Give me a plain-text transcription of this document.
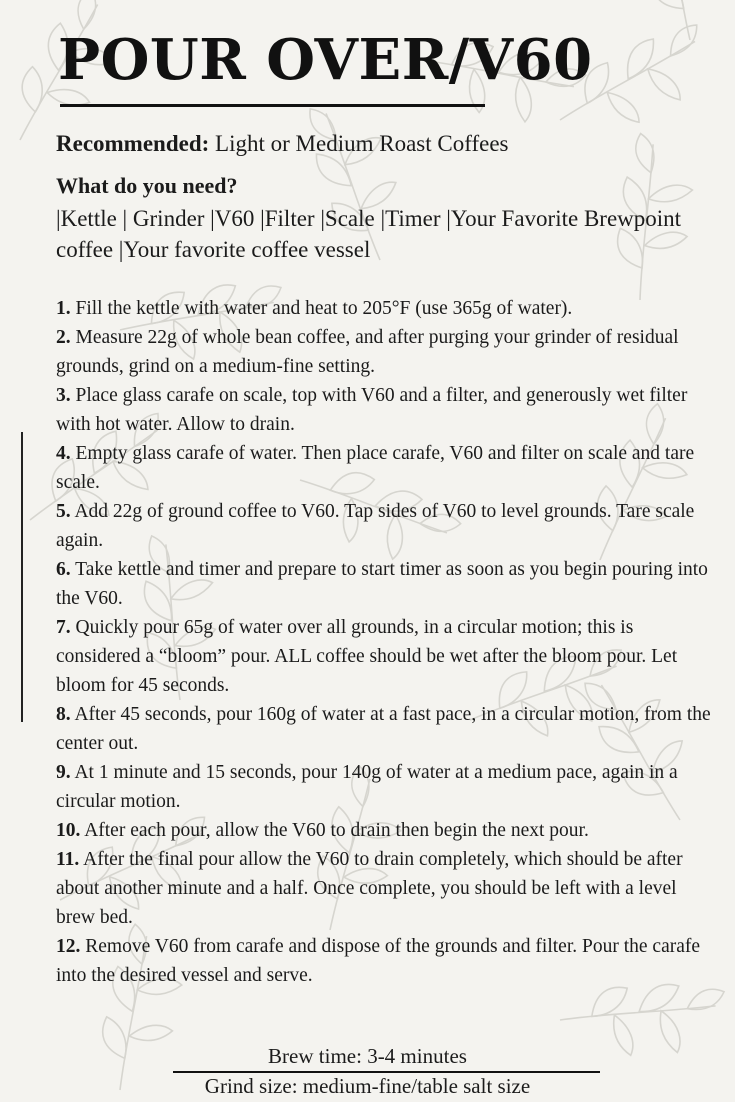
POUR OVER/V60

Recommended: Light or Medium Roast Coffees

What do you need?

|Kettle | Grinder |V60 |Filter |Scale |Timer |Your Favorite Brewpoint coffee |Your favorite coffee vessel

1. Fill the kettle with water and heat to 205°F (use 365g of water).
2. Measure 22g of whole bean coffee, and after purging your grinder of residual grounds, grind on a medium-fine setting.
3. Place glass carafe on scale, top with V60 and a filter, and generously wet filter with hot water. Allow to drain.
4. Empty glass carafe of water. Then place carafe, V60 and filter on scale and tare scale.
5. Add 22g of ground coffee to V60. Tap sides of V60 to level grounds. Tare scale again.
6. Take kettle and timer and prepare to start timer as soon as you begin pouring into the V60.
7. Quickly pour 65g of water over all grounds, in a circular motion; this is considered a “bloom” pour. ALL coffee should be wet after the bloom pour. Let bloom for 45 seconds.
8. After 45 seconds, pour 160g of water at a fast pace, in a circular motion, from the center out.
9. At 1 minute and 15 seconds, pour 140g of water at a medium pace, again in a circular motion.
10. After each pour, allow the V60 to drain then begin the next pour.
11. After the final pour allow the V60 to drain completely, which should be after about another minute and a half. Once complete, you should be left with a level brew bed.
12. Remove V60 from carafe and dispose of the grounds and filter. Pour the carafe into the desired vessel and serve.

Brew time: 3-4 minutes

Grind size: medium-fine/table salt size
